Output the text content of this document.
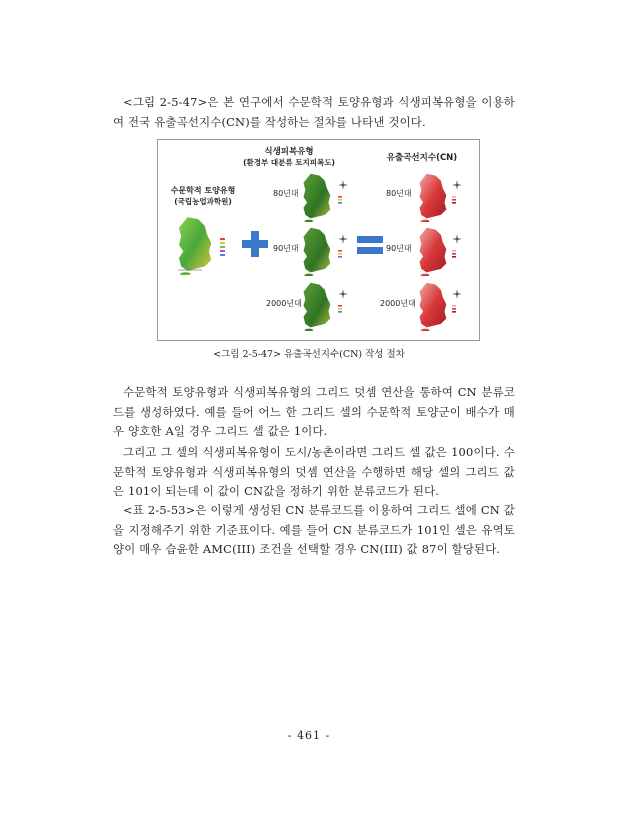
<그림 2-5-47>은 본 연구에서 수문학적 토양유형과 식생피복유형을 이용하여 전국 유출곡선지수(CN)를 작성하는 절차를 나타낸 것이다.

식생피복유형
(환경부 대분류 토지피복도)	유출곡선지수(CN)
수문학적 토양유형
(국립농업과학원)
80년대
90년대
2000년대
80년대
90년대
2000년대
<그림 2-5-47> 유출곡선지수(CN) 작성 절차

수문학적 토양유형과 식생피복유형의 그리드 덧셈 연산을 통하여 CN 분류코드를 생성하였다. 예를 들어 어느 한 그리드 셀의 수문학적 토양군이 배수가 매우 양호한 A일 경우 그리드 셀 값은 1이다.

그리고 그 셀의 식생피복유형이 도시/농촌이라면 그리드 셀 값은 100이다. 수문학적 토양유형과 식생피복유형의 덧셈 연산을 수행하면 해당 셀의 그리드 값은 101이 되는데 이 값이 CN값을 정하기 위한 분류코드가 된다.

<표 2-5-53>은 이렇게 생성된 CN 분류코드를 이용하여 그리드 셀에 CN 값을 지정해주기 위한 기준표이다. 예를 들어 CN 분류코드가 101인 셀은 유역토양이 매우 습윤한 AMC(III) 조건을 선택할 경우 CN(III) 값 87이 할당된다.

- 461 -
